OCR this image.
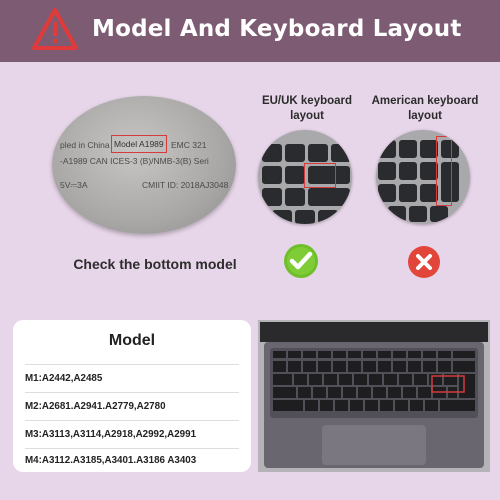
Model And Keyboard Layout
EU/UK keyboard layout
American keyboard layout
pled in China Model A1989 EMC 321
-A1989 CAN ICES-3 (B)/NMB-3(B) Seri
5V⎓3A	CMIIT ID: 2018AJ3048
Check the bottom model
Model
M1:A2442,A2485
M2:A2681.A2941.A2779,A2780
M3:A3113,A3114,A2918,A2992,A2991
M4:A3112.A3185,A3401.A3186 A3403
